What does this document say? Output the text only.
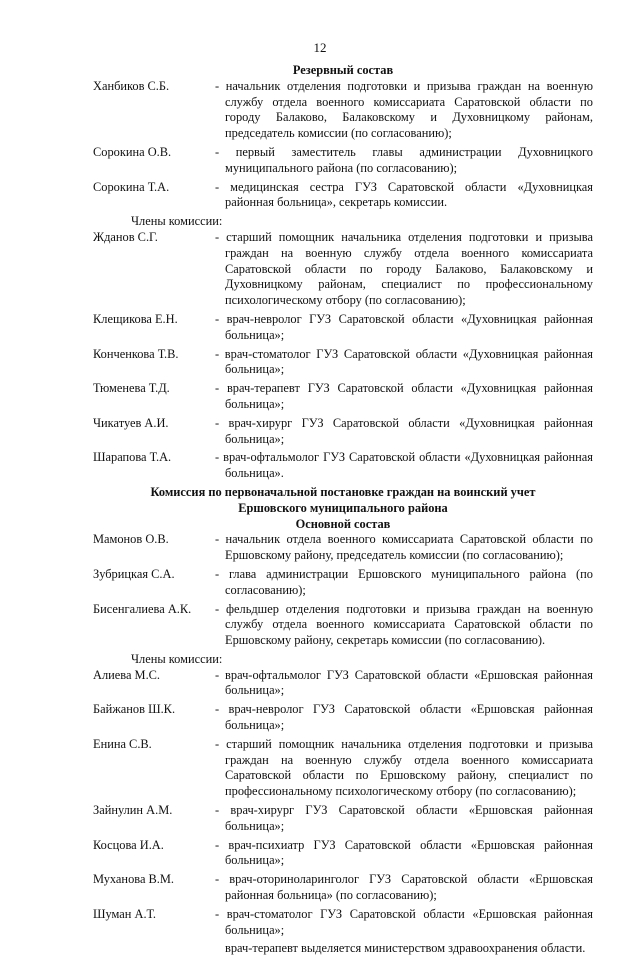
12
Резервный состав
Ханбиков С.Б.	- начальник отделения подготовки и призыва граждан на военную службу отдела военного комиссариата Саратовской области по городу Балаково, Балаковскому и Духовницкому районам, председатель комиссии (по согласованию);
Сорокина О.В.	- первый заместитель главы администрации Духовницкого муниципального района (по согласованию);
Сорокина Т.А.	- медицинская сестра ГУЗ Саратовской области «Духовницкая районная больница», секретарь комиссии.
Члены комиссии:
Жданов С.Г.	- старший помощник начальника отделения подготовки и призыва граждан на военную службу отдела военного комиссариата Саратовской области по городу Балаково, Балаковскому и Духовницкому районам, специалист по профессиональному психологическому отбору (по согласованию);
Клещикова Е.Н.	- врач-невролог ГУЗ Саратовской области «Духовницкая районная больница»;
Конченкова Т.В.	- врач-стоматолог ГУЗ Саратовской области «Духовницкая районная больница»;
Тюменева Т.Д.	- врач-терапевт ГУЗ Саратовской области «Духовницкая районная больница»;
Чикатуев А.И.	- врач-хирург ГУЗ Саратовской области «Духовницкая районная больница»;
Шарапова Т.А.	- врач-офтальмолог ГУЗ Саратовской области «Духовницкая районная больница».
Комиссия по первоначальной постановке граждан на воинский учет
Ершовского муниципального района
Основной состав
Мамонов О.В.	- начальник отдела военного комиссариата Саратовской области по Ершовскому району, председатель комиссии (по согласованию);
Зубрицкая С.А.	- глава администрации Ершовского муниципального района (по согласованию);
Бисенгалиева А.К.	- фельдшер отделения подготовки и призыва граждан на военную службу отдела военного комиссариата Саратовской области по Ершовскому району, секретарь комиссии (по согласованию).
Члены комиссии:
Алиева М.С.	- врач-офтальмолог ГУЗ Саратовской области «Ершовская районная больница»;
Байжанов Ш.К.	- врач-невролог ГУЗ Саратовской области «Ершовская районная больница»;
Енина С.В.	- старший помощник начальника отделения подготовки и призыва граждан на военную службу отдела военного комиссариата Саратовской области по Ершовскому району, специалист по профессиональному психологическому отбору (по согласованию);
Зайнулин А.М.	- врач-хирург ГУЗ Саратовской области «Ершовская районная больница»;
Косцова И.А.	- врач-психиатр ГУЗ Саратовской области «Ершовская районная больница»;
Муханова В.М.	- врач-оториноларинголог ГУЗ Саратовской области «Ершовская районная больница» (по согласованию);
Шуман А.Т.	- врач-стоматолог ГУЗ Саратовской области «Ершовская районная больница»;
врач-терапевт выделяется министерством здравоохранения области.
